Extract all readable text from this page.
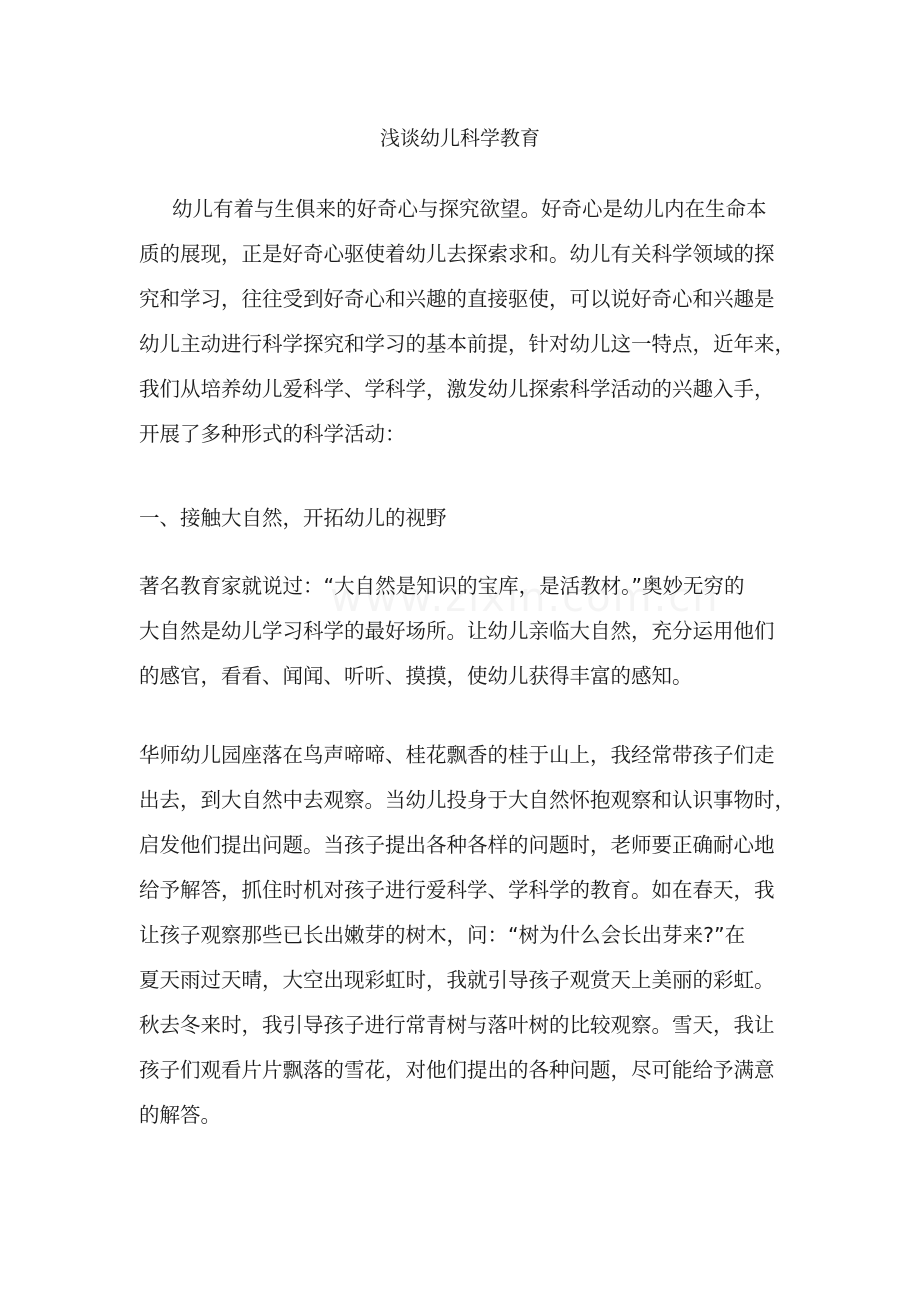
浅谈幼儿科学教育
幼儿有着与生俱来的好奇心与探究欲望。好奇心是幼儿内在生命本
质的展现，正是好奇心驱使着幼儿去探索求和。幼儿有关科学领域的探
究和学习，往往受到好奇心和兴趣的直接驱使，可以说好奇心和兴趣是
幼儿主动进行科学探究和学习的基本前提，针对幼儿这一特点，近年来，
我们从培养幼儿爱科学、学科学，激发幼儿探索科学活动的兴趣入手，
开展了多种形式的科学活动：
一、接触大自然，开拓幼儿的视野
著名教育家就说过：“大自然是知识的宝库，是活教材。”奥妙无穷的
大自然是幼儿学习科学的最好场所。让幼儿亲临大自然，充分运用他们
的感官，看看、闻闻、听听、摸摸，使幼儿获得丰富的感知。
华师幼儿园座落在鸟声啼啼、桂花飘香的桂于山上，我经常带孩子们走
出去，到大自然中去观察。当幼儿投身于大自然怀抱观察和认识事物时，
启发他们提出问题。当孩子提出各种各样的问题时，老师要正确耐心地
给予解答，抓住时机对孩子进行爱科学、学科学的教育。如在春天，我
让孩子观察那些已长出嫩芽的树木，问：“树为什么会长出芽来?”在
夏天雨过天晴，大空出现彩虹时，我就引导孩子观赏天上美丽的彩虹。
秋去冬来时，我引导孩子进行常青树与落叶树的比较观察。雪天，我让
孩子们观看片片飘落的雪花，对他们提出的各种问题，尽可能给予满意
的解答。
